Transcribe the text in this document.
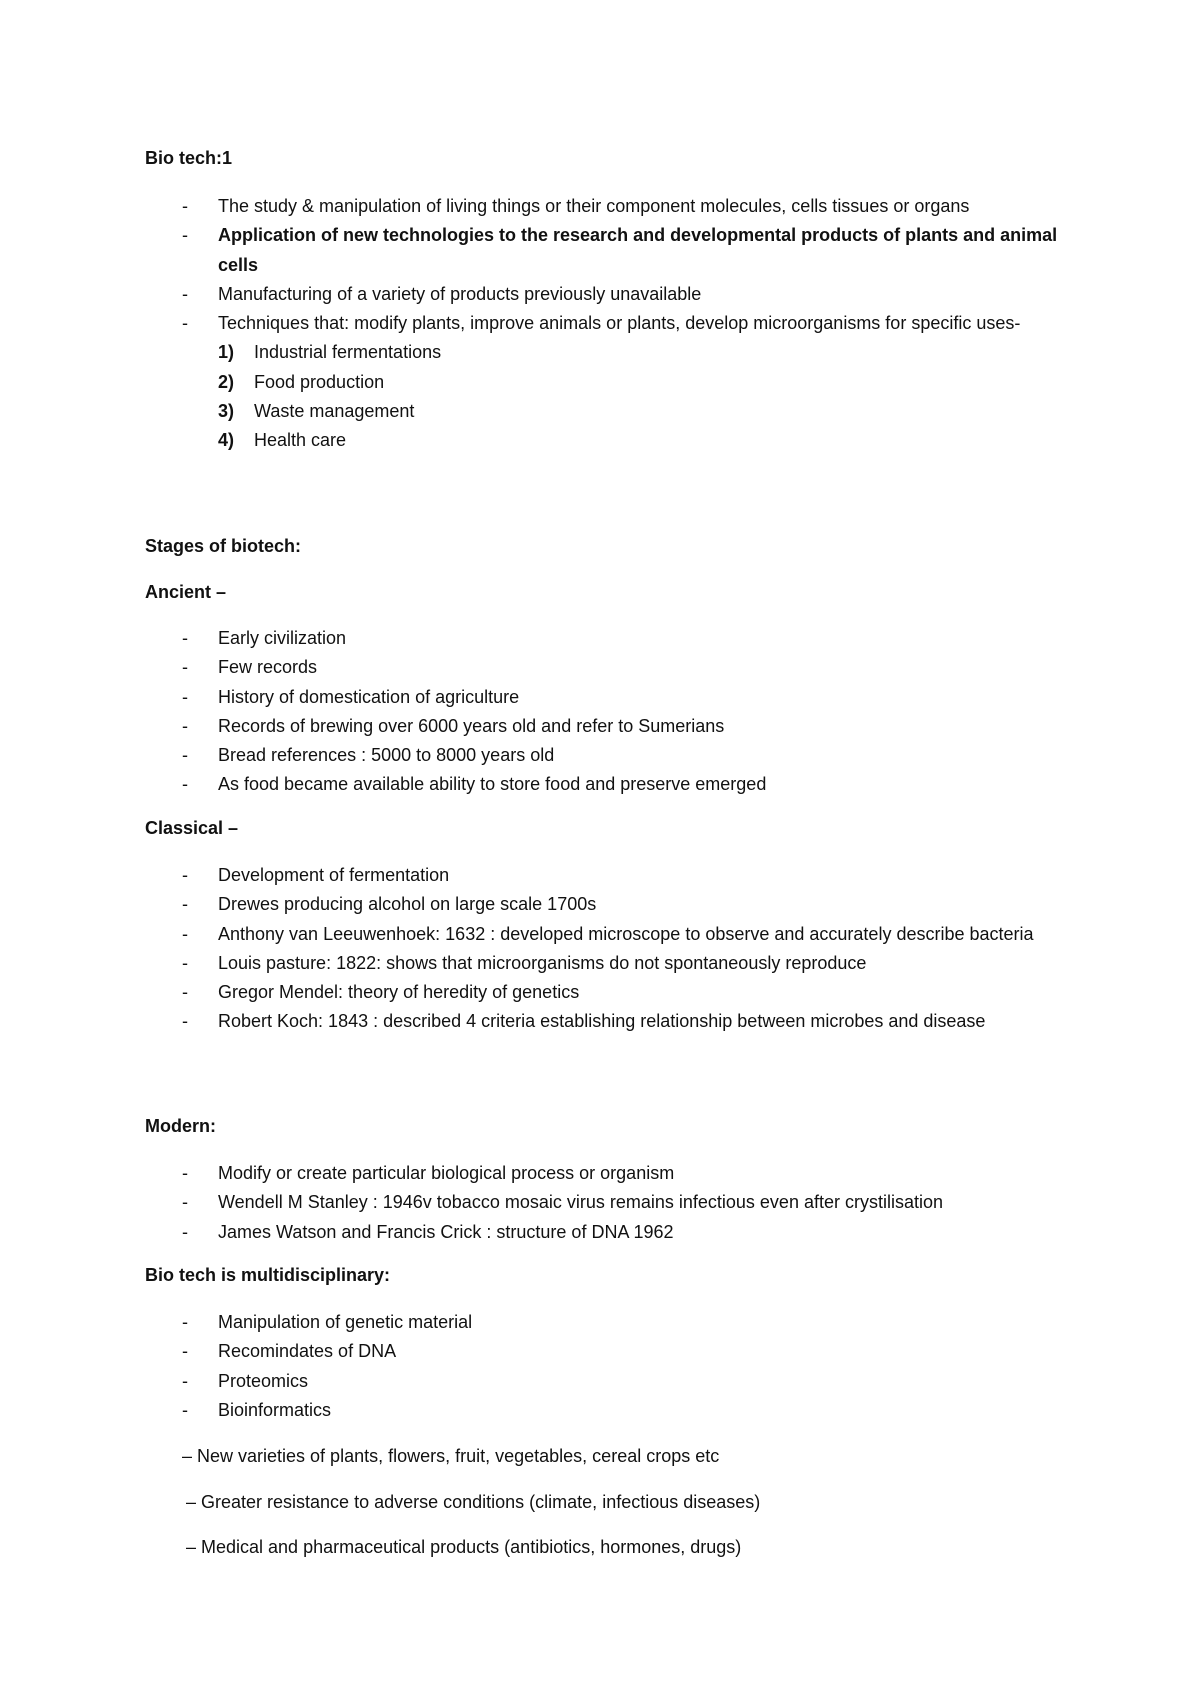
Bio tech:1

- The study & manipulation of living things or their component molecules, cells tissues or organs
- Application of new technologies to the research and developmental products of plants and animal cells
- Manufacturing of a variety of products previously unavailable
- Techniques that: modify plants, improve animals or plants, develop microorganisms for specific uses-
1) Industrial fermentations
2) Food production
3) Waste management
4) Health care

Stages of biotech:

Ancient –

- Early civilization
- Few records
- History of domestication of agriculture
- Records of brewing over 6000 years old and refer to Sumerians
- Bread references : 5000 to 8000 years old
- As food became available ability to store food and preserve emerged

Classical –

- Development of fermentation
- Drewes producing alcohol on large scale 1700s
- Anthony van Leeuwenhoek: 1632 : developed microscope to observe and accurately describe bacteria
- Louis pasture: 1822: shows that microorganisms do not spontaneously reproduce
- Gregor Mendel: theory of heredity of genetics
- Robert Koch: 1843 : described 4 criteria establishing relationship between microbes and disease

Modern:

- Modify or create particular biological process or organism
- Wendell M Stanley : 1946v tobacco mosaic virus remains infectious even after crystilisation
- James Watson and Francis Crick : structure of DNA 1962

Bio tech is multidisciplinary:

- Manipulation of genetic material
- Recomindates of DNA
- Proteomics
- Bioinformatics

– New varieties of plants, flowers, fruit, vegetables, cereal crops etc

– Greater resistance to adverse conditions (climate, infectious diseases)

– Medical and pharmaceutical products (antibiotics, hormones, drugs)
